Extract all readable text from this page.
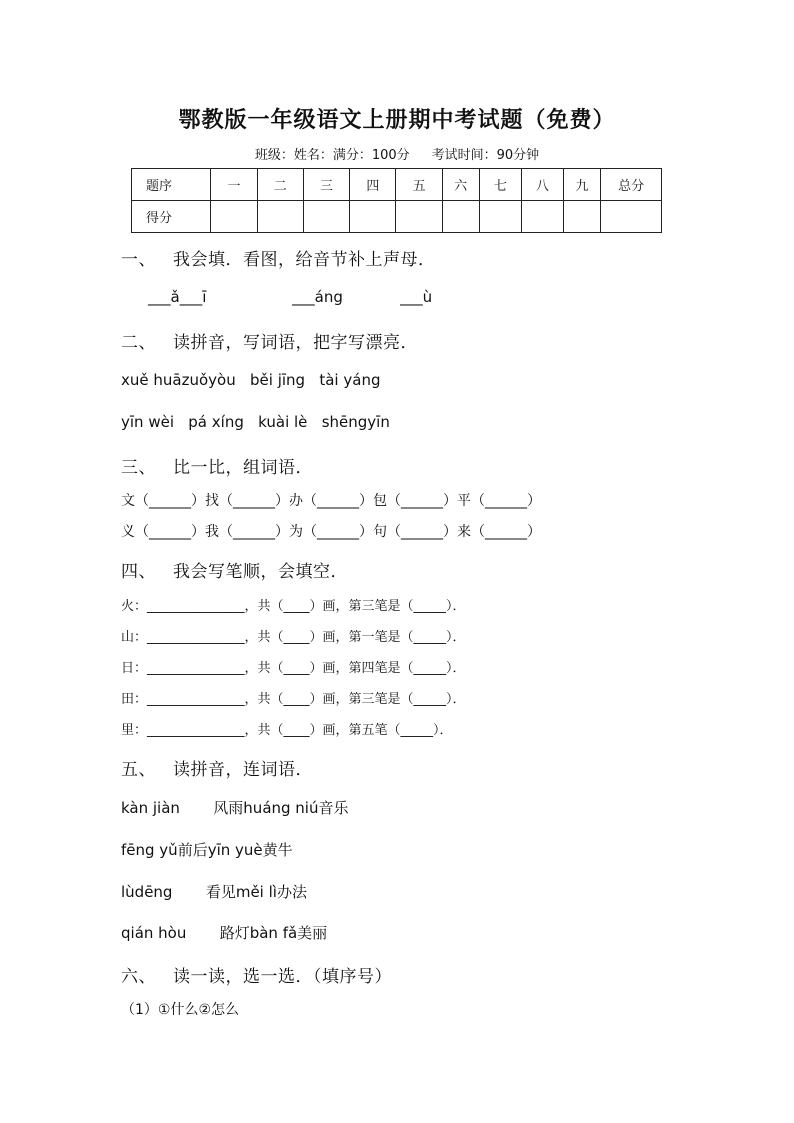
鄂教版一年级语文上册期中考试题（免费）
班级：姓名：满分：100分 考试时间：90分钟
题序	一	二	三	四	五	六	七	八	九	总分
得分										
一、 我会填．看图，给音节补上声母．
___ǎ___ī                  ___áng            ___ù
二、 读拼音，写词语，把字写漂亮．
xuě huāzuǒyòu   běi jīng   tài yáng
yīn wèi   pá xíng   kuài lè   shēngyīn
三、 比一比，组词语．
文（______）找（______）办（______）包（______）平（______）
义（______）我（______）为（______）句（______）来（______）
四、 我会写笔顺，会填空．
火：_______________，共（____）画，第三笔是（_____）．
山：_______________，共（____）画，第一笔是（_____）．
日：_______________，共（____）画，第四笔是（_____）．
田：_______________，共（____）画，第三笔是（_____）．
里：_______________，共（____）画，第五笔（_____）．
五、 读拼音，连词语．
kàn jiàn       风雨huáng niú音乐
fēng yǔ前后yīn yuè黄牛
lùdēng       看见měi lì办法
qián hòu       路灯bàn fǎ美丽
六、 读一读，选一选．（填序号）
（1）①什么②怎么
